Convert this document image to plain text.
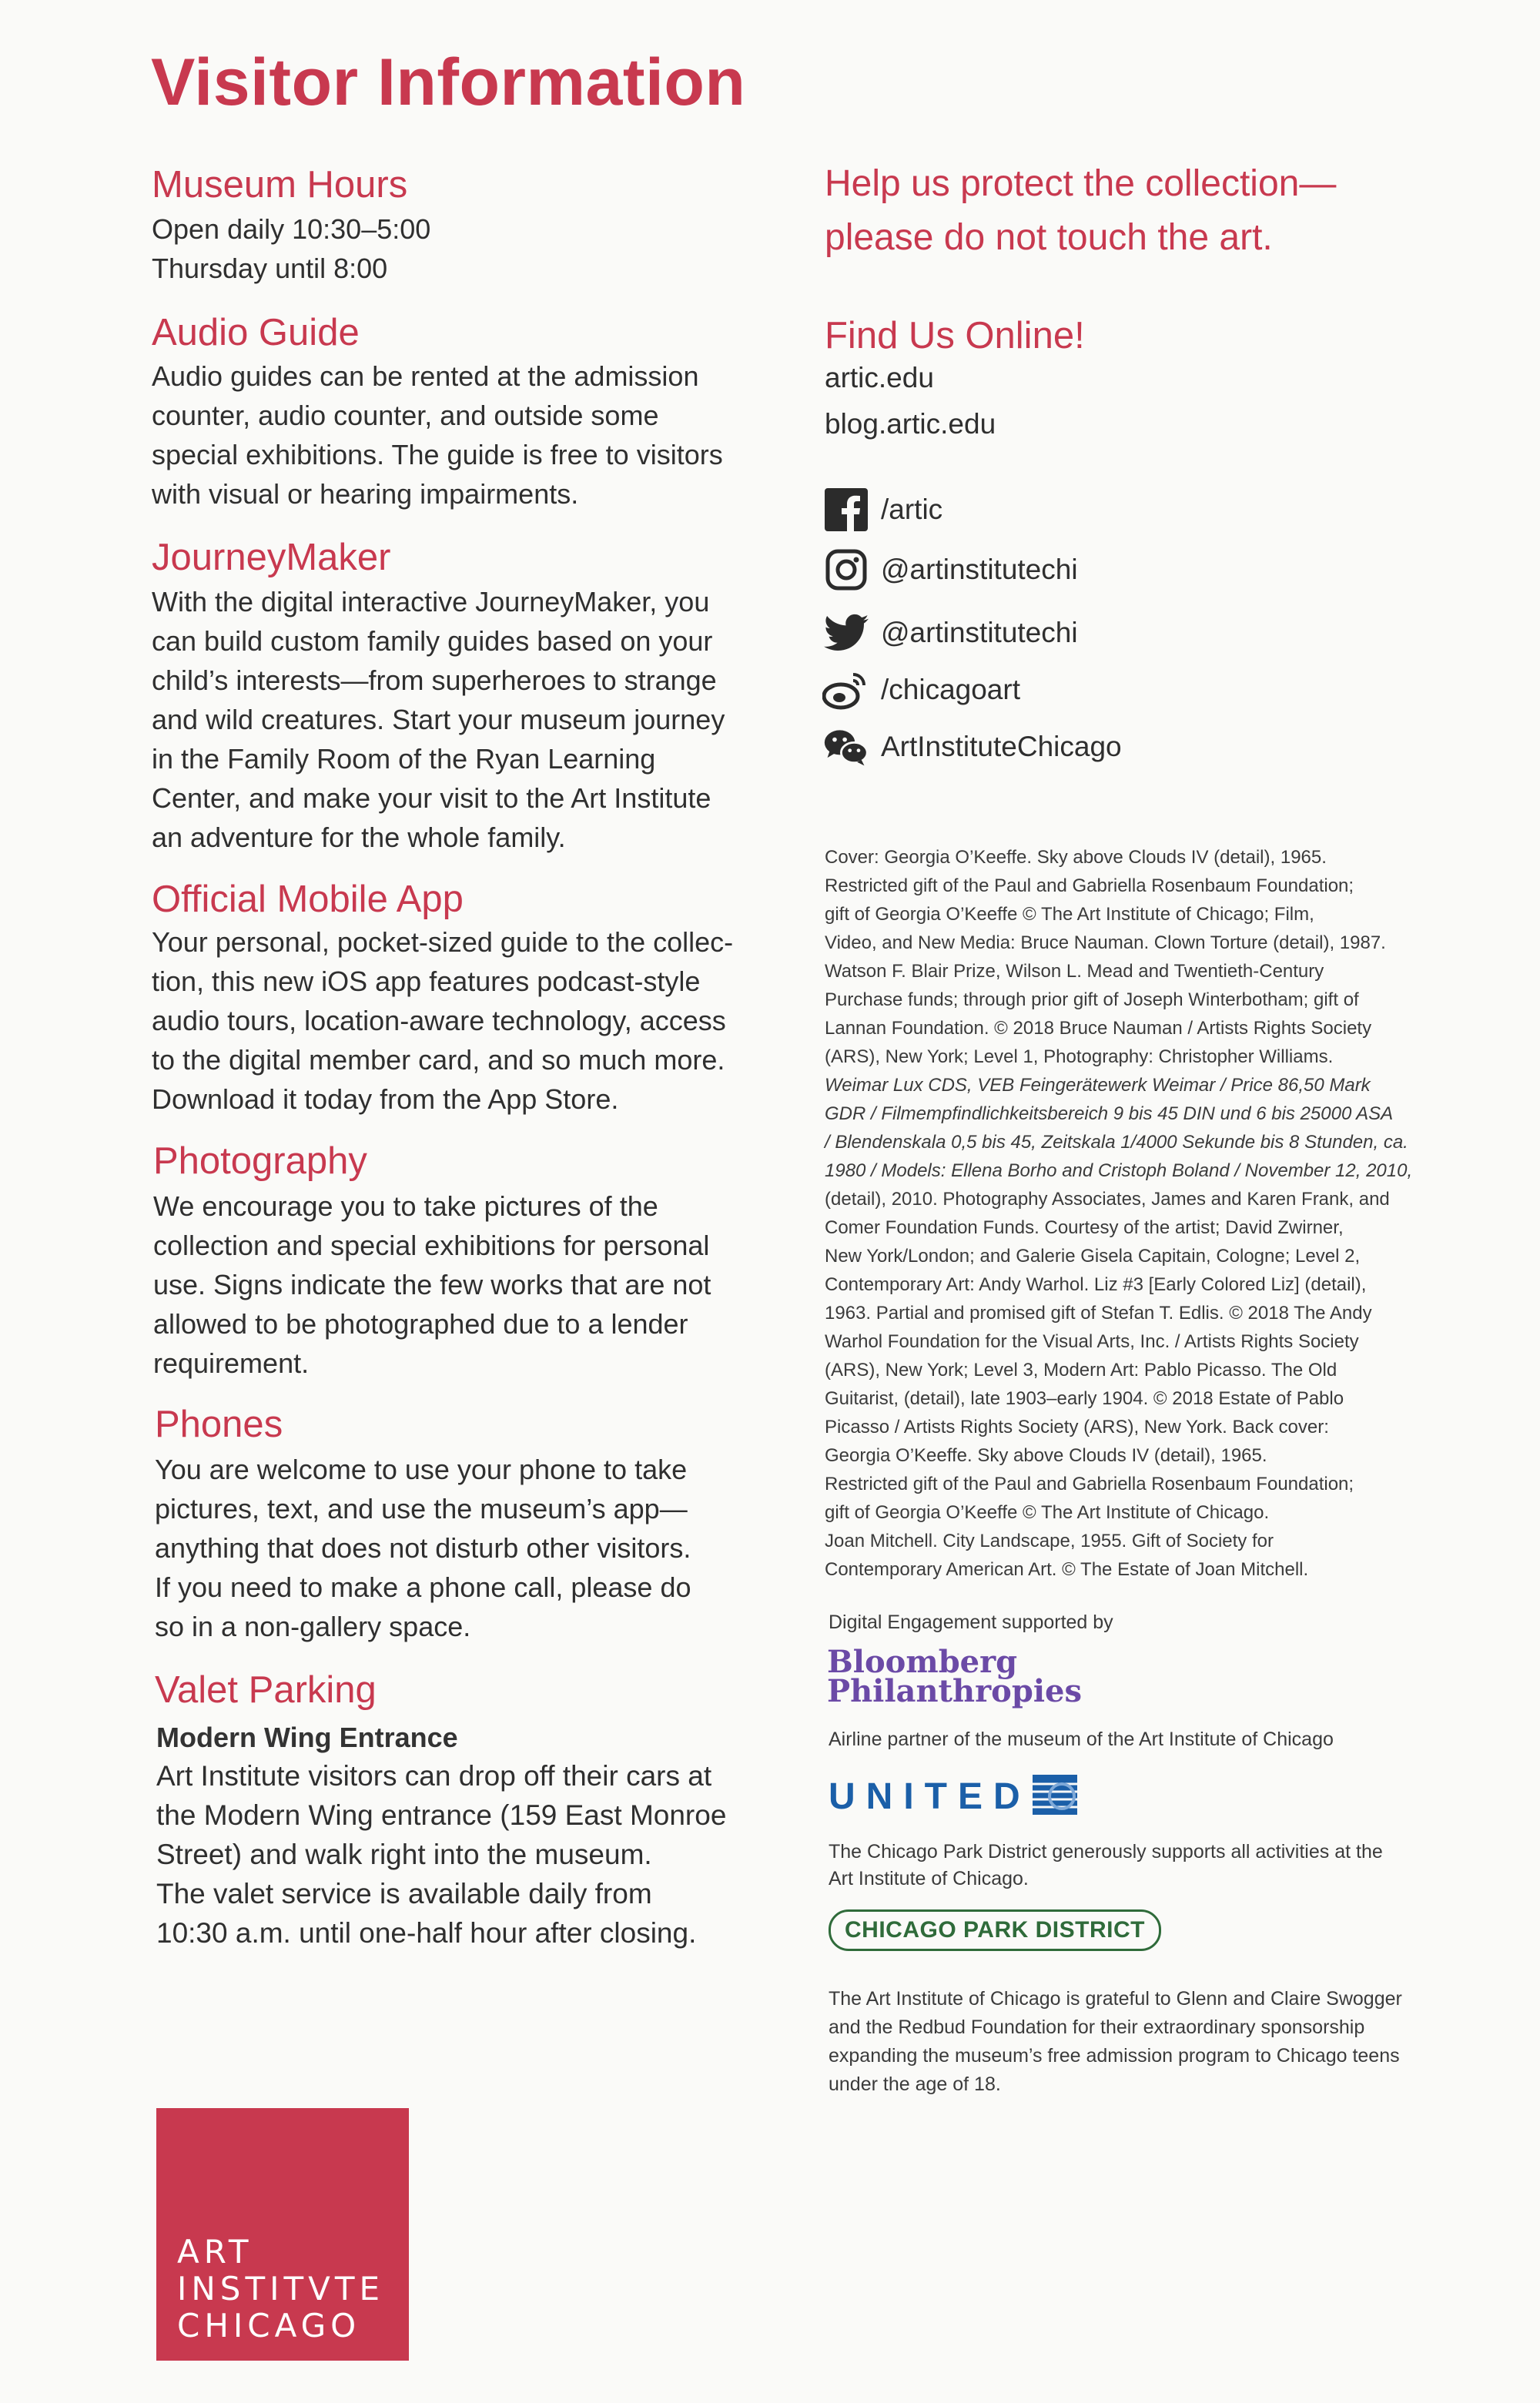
Visitor Information
Museum Hours
Open daily 10:30–5:00
Thursday until 8:00
Audio Guide
Audio guides can be rented at the admission
counter, audio counter, and outside some
special exhibitions. The guide is free to visitors
with visual or hearing impairments.
JourneyMaker
With the digital interactive JourneyMaker, you
can build custom family guides based on your
child’s interests—from superheroes to strange
and wild creatures. Start your museum journey
in the Family Room of the Ryan Learning
Center, and make your visit to the Art Institute
an adventure for the whole family.
Official Mobile App
Your personal, pocket-sized guide to the collec-
tion, this new iOS app features podcast-style
audio tours, location-aware technology, access
to the digital member card, and so much more.
Download it today from the App Store.
Photography
We encourage you to take pictures of the
collection and special exhibitions for personal
use. Signs indicate the few works that are not
allowed to be photographed due to a lender
requirement.
Phones
You are welcome to use your phone to take
pictures, text, and use the museum’s app—
anything that does not disturb other visitors.
If you need to make a phone call, please do
so in a non-gallery space.
Valet Parking
Modern Wing Entrance
Art Institute visitors can drop off their cars at
the Modern Wing entrance (159 East Monroe
Street) and walk right into the museum.
The valet service is available daily from
10:30 a.m. until one-half hour after closing.
Help us protect the collection—
please do not touch the art.
Find Us Online!
artic.edu
blog.artic.edu
/artic
@artinstitutechi
@artinstitutechi
/chicagoart
ArtInstituteChicago
Cover: Georgia O’Keeffe. Sky above Clouds IV (detail), 1965.
Restricted gift of the Paul and Gabriella Rosenbaum Foundation;
gift of Georgia O’Keeffe © The Art Institute of Chicago; Film,
Video, and New Media: Bruce Nauman. Clown Torture (detail), 1987.
Watson F. Blair Prize, Wilson L. Mead and Twentieth-Century
Purchase funds; through prior gift of Joseph Winterbotham; gift of
Lannan Foundation. © 2018 Bruce Nauman / Artists Rights Society
(ARS), New York; Level 1, Photography: Christopher Williams.
Weimar Lux CDS, VEB Feingerätewerk Weimar / Price 86,50 Mark
GDR / Filmempfindlichkeitsbereich 9 bis 45 DIN und 6 bis 25000 ASA
/ Blendenskala 0,5 bis 45, Zeitskala 1/4000 Sekunde bis 8 Stunden, ca.
1980 / Models: Ellena Borho and Cristoph Boland / November 12, 2010,
(detail), 2010. Photography Associates, James and Karen Frank, and
Comer Foundation Funds. Courtesy of the artist; David Zwirner,
New York/London; and Galerie Gisela Capitain, Cologne; Level 2,
Contemporary Art: Andy Warhol. Liz #3 [Early Colored Liz] (detail),
1963. Partial and promised gift of Stefan T. Edlis. © 2018 The Andy
Warhol Foundation for the Visual Arts, Inc. / Artists Rights Society
(ARS), New York; Level 3, Modern Art: Pablo Picasso. The Old
Guitarist, (detail), late 1903–early 1904. © 2018 Estate of Pablo
Picasso / Artists Rights Society (ARS), New York. Back cover:
Georgia O’Keeffe. Sky above Clouds IV (detail), 1965.
Restricted gift of the Paul and Gabriella Rosenbaum Foundation;
gift of Georgia O’Keeffe © The Art Institute of Chicago.
Joan Mitchell. City Landscape, 1955. Gift of Society for
Contemporary American Art. © The Estate of Joan Mitchell.
Digital Engagement supported by
Bloomberg
Philanthropies
Airline partner of the museum of the Art Institute of Chicago
UNITED
The Chicago Park District generously supports all activities at the
Art Institute of Chicago.
CHICAGO PARK DISTRICT
The Art Institute of Chicago is grateful to Glenn and Claire Swogger
and the Redbud Foundation for their extraordinary sponsorship
expanding the museum’s free admission program to Chicago teens
under the age of 18.
ART
INSTITVTE
CHICAGO
